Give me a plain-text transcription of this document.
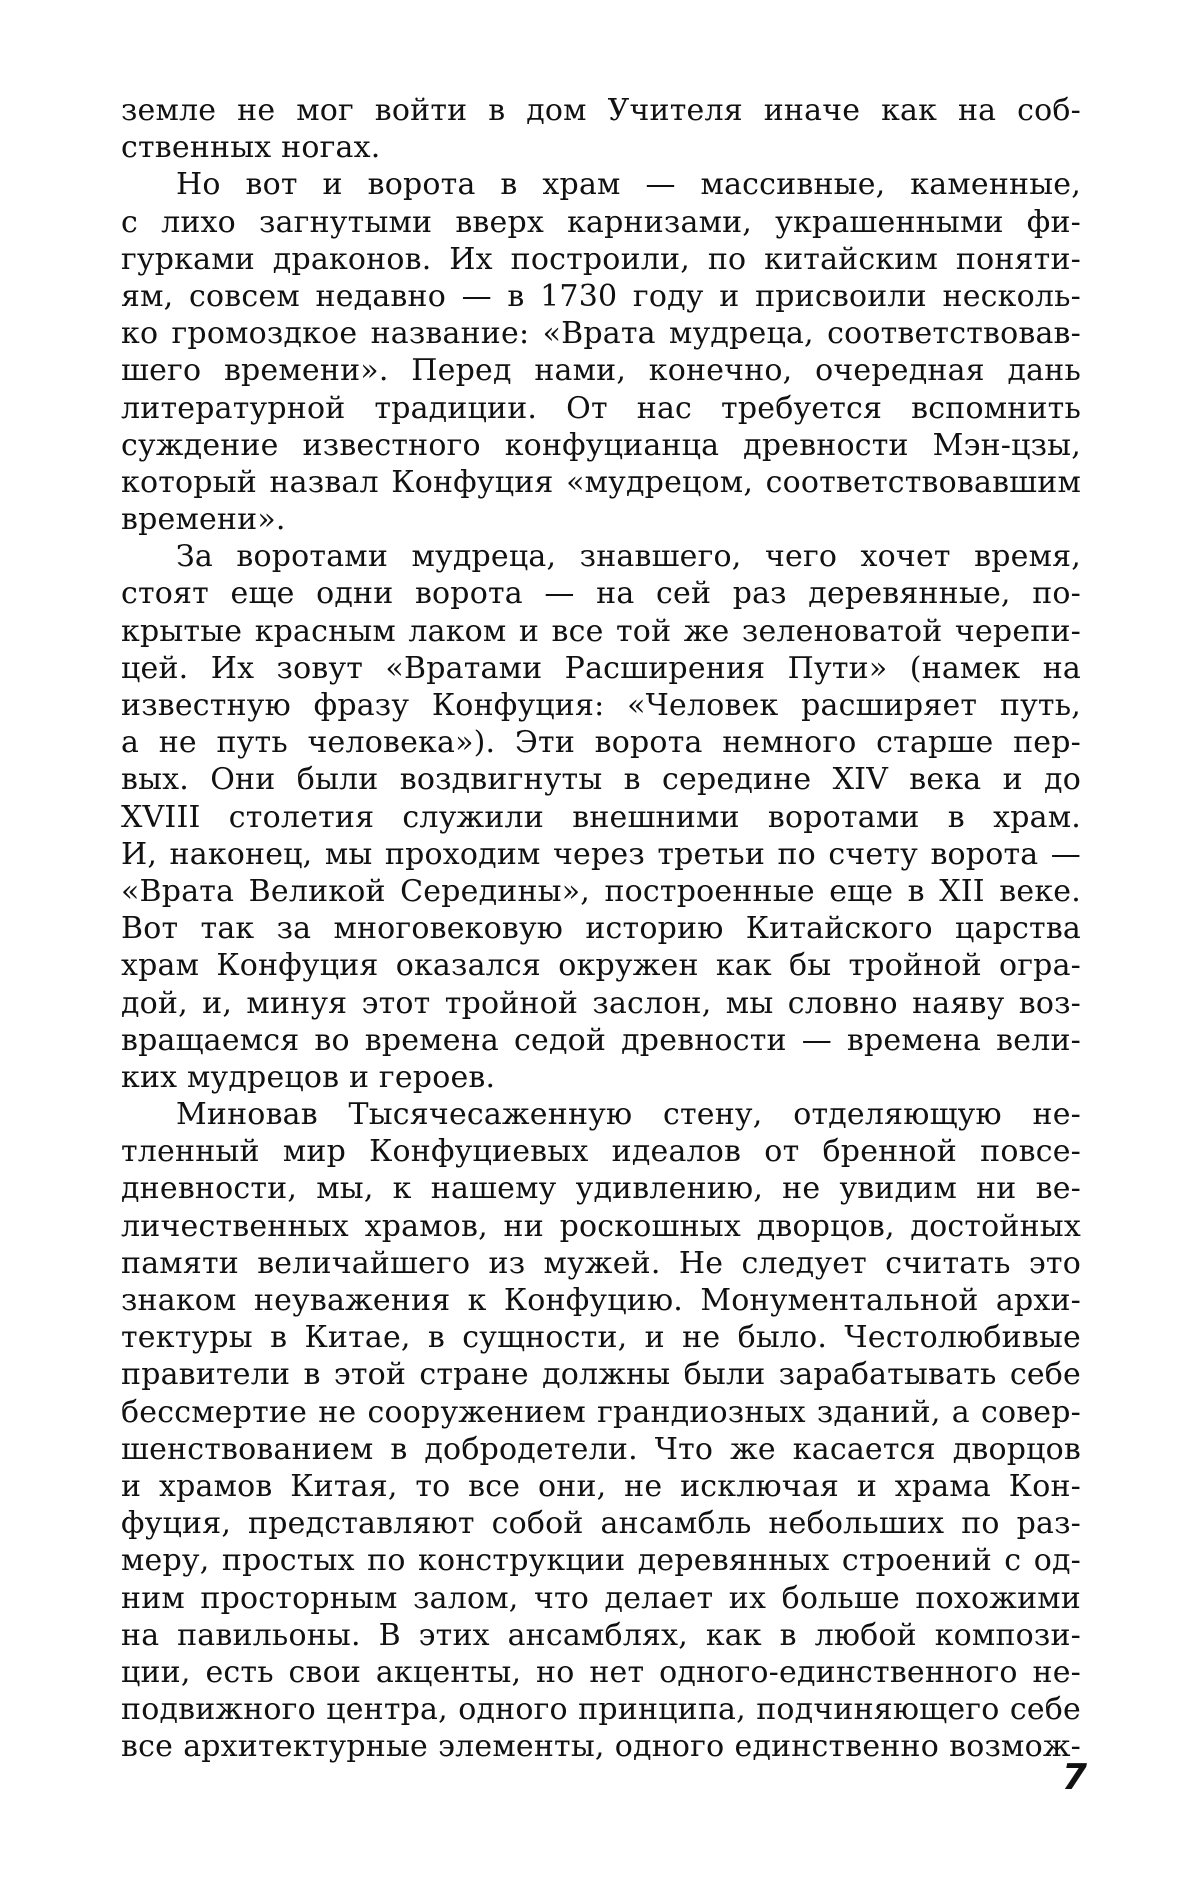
земле не мог войти в дом Учителя иначе как на соб-
ственных ногах.
Но вот и ворота в храм — массивные, каменные,
с лихо загнутыми вверх карнизами, украшенными фи-
гурками драконов. Их построили, по китайским поняти-
ям, совсем недавно — в 1730 году и присвоили несколь-
ко громоздкое название: «Врата мудреца, соответствовав-
шего времени». Перед нами, конечно, очередная дань
литературной традиции. От нас требуется вспомнить
суждение известного конфуцианца древности Мэн-цзы,
который назвал Конфуция «мудрецом, соответствовавшим
времени».
За воротами мудреца, знавшего, чего хочет время,
стоят еще одни ворота — на сей раз деревянные, по-
крытые красным лаком и все той же зеленоватой черепи-
цей. Их зовут «Вратами Расширения Пути» (намек на
известную фразу Конфуция: «Человек расширяет путь,
а не путь человека»). Эти ворота немного старше пер-
вых. Они были воздвигнуты в середине XIV века и до
XVIII столетия служили внешними воротами в храм.
И, наконец, мы проходим через третьи по счету ворота —
«Врата Великой Середины», построенные еще в XII веке.
Вот так за многовековую историю Китайского царства
храм Конфуция оказался окружен как бы тройной огра-
дой, и, минуя этот тройной заслон, мы словно наяву воз-
вращаемся во времена седой древности — времена вели-
ких мудрецов и героев.
Миновав Тысячесаженную стену, отделяющую не-
тленный мир Конфуциевых идеалов от бренной повсе-
дневности, мы, к нашему удивлению, не увидим ни ве-
личественных храмов, ни роскошных дворцов, достойных
памяти величайшего из мужей. Не следует считать это
знаком неуважения к Конфуцию. Монументальной архи-
тектуры в Китае, в сущности, и не было. Честолюбивые
правители в этой стране должны были зарабатывать себе
бессмертие не сооружением грандиозных зданий, а совер-
шенствованием в добродетели. Что же касается дворцов
и храмов Китая, то все они, не исключая и храма Кон-
фуция, представляют собой ансамбль небольших по раз-
меру, простых по конструкции деревянных строений с од-
ним просторным залом, что делает их больше похожими
на павильоны. В этих ансамблях, как в любой компози-
ции, есть свои акценты, но нет одного-единственного не-
подвижного центра, одного принципа, подчиняющего себе
все архитектурные элементы, одного единственно возмож-
7
